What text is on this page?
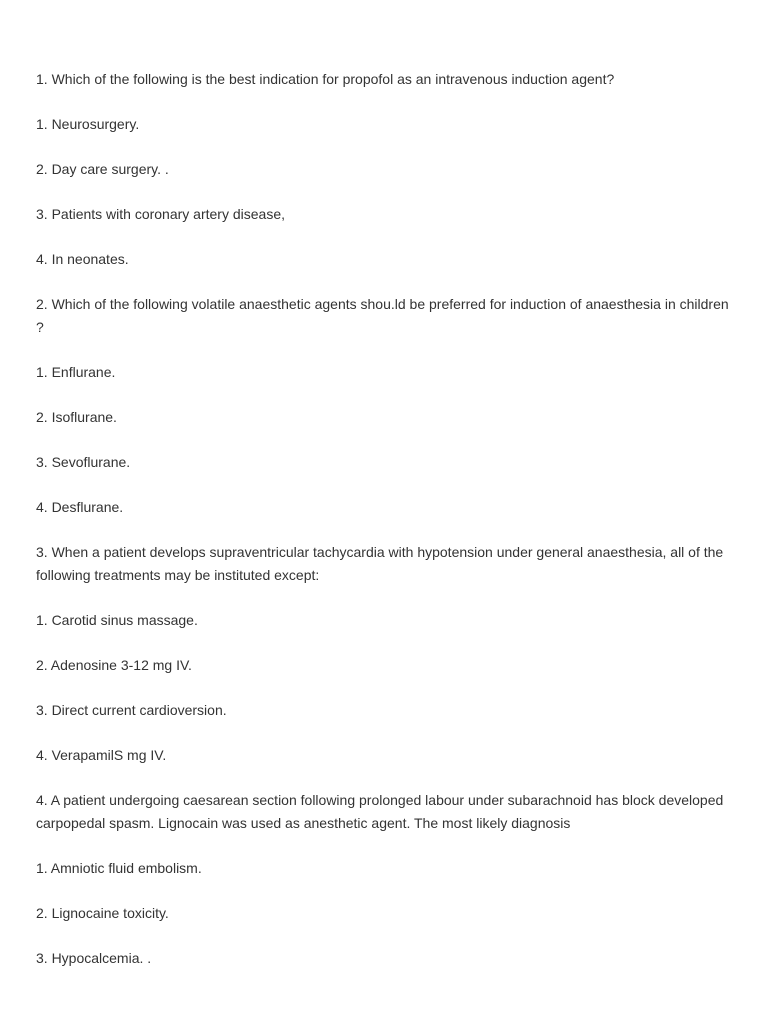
1. Which of the following is the best indication for propofol as an intravenous induction agent?

1. Neurosurgery.

2. Day care surgery. .

3. Patients with coronary artery disease,

4. In neonates.

2. Which of the following volatile anaesthetic agents shou.ld be preferred for induction of anaesthesia in children ?

1. Enflurane.

2. Isoflurane.

3. Sevoflurane.

4. Desflurane.

3. When a patient develops supraventricular tachycardia with hypotension under general anaesthesia, all of the following treatments may be instituted except:

1. Carotid sinus massage.

2. Adenosine 3-12 mg IV.

3. Direct current cardioversion.

4. VerapamilS mg IV.

4. A patient undergoing caesarean section following prolonged labour under subarachnoid has block developed carpopedal spasm. Lignocain was used as anesthetic agent. The most likely diagnosis

1. Amniotic fluid embolism.

2. Lignocaine toxicity.

3. Hypocalcemia. .
